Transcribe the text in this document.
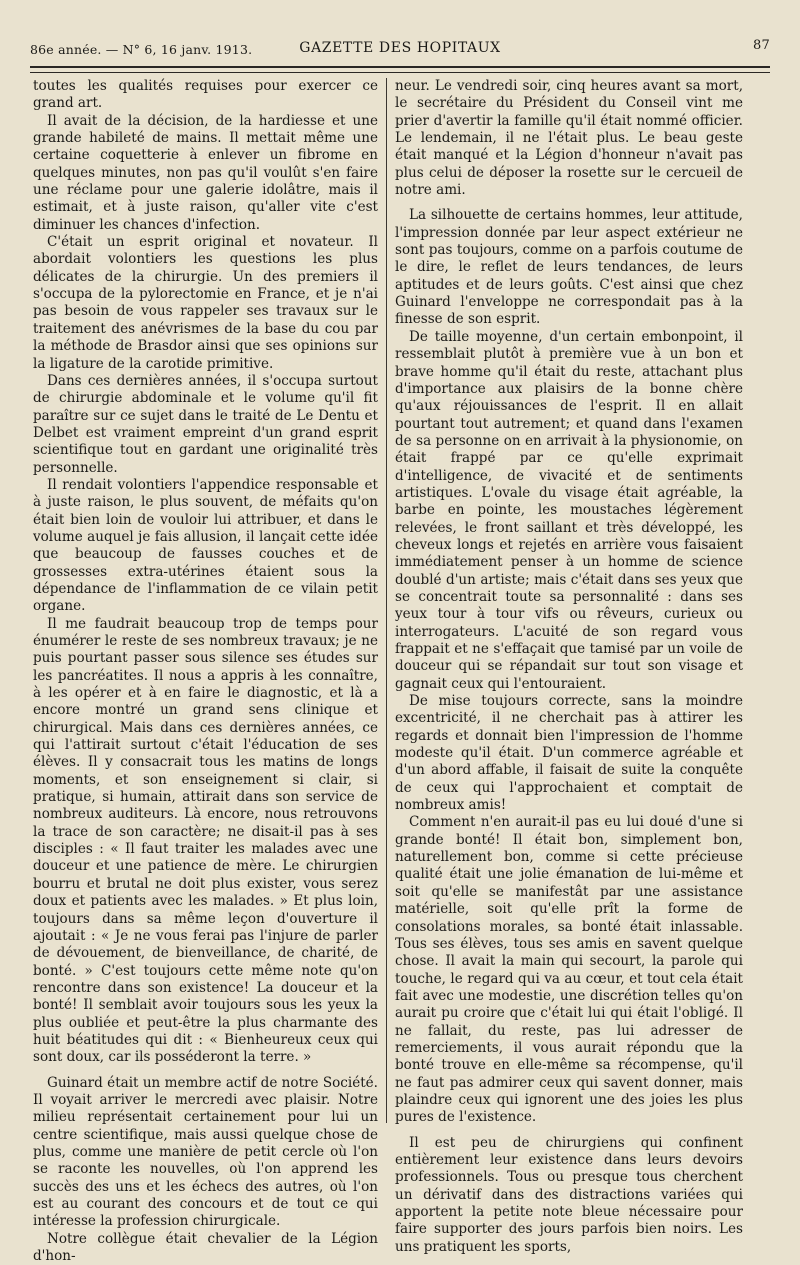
86e année. — N° 6, 16 janv. 1913.	GAZETTE DES HOPITAUX	87

toutes les qualités requises pour exercer ce grand art.

Il avait de la décision, de la hardiesse et une grande habileté de mains. Il mettait même une certaine coquetterie à enlever un fibrome en quelques minutes, non pas qu'il voulût s'en faire une réclame pour une galerie idolâtre, mais il estimait, et à juste raison, qu'aller vite c'est diminuer les chances d'infection.

C'était un esprit original et novateur. Il abordait volontiers les questions les plus délicates de la chirurgie. Un des premiers il s'occupa de la pylorectomie en France, et je n'ai pas besoin de vous rappeler ses travaux sur le traitement des anévrismes de la base du cou par la méthode de Brasdor ainsi que ses opinions sur la ligature de la carotide primitive.

Dans ces dernières années, il s'occupa surtout de chirurgie abdominale et le volume qu'il fit paraître sur ce sujet dans le traité de Le Dentu et Delbet est vraiment empreint d'un grand esprit scientifique tout en gardant une originalité très personnelle.

Il rendait volontiers l'appendice responsable et à juste raison, le plus souvent, de méfaits qu'on était bien loin de vouloir lui attribuer, et dans le volume auquel je fais allusion, il lançait cette idée que beaucoup de fausses couches et de grossesses extra-utérines étaient sous la dépendance de l'inflammation de ce vilain petit organe.

Il me faudrait beaucoup trop de temps pour énumérer le reste de ses nombreux travaux; je ne puis pourtant passer sous silence ses études sur les pancréatites. Il nous a appris à les connaître, à les opérer et à en faire le diagnostic, et là a encore montré un grand sens clinique et chirurgical. Mais dans ces dernières années, ce qui l'attirait surtout c'était l'éducation de ses élèves. Il y consacrait tous les matins de longs moments, et son enseignement si clair, si pratique, si humain, attirait dans son service de nombreux auditeurs. Là encore, nous retrouvons la trace de son caractère; ne disait-il pas à ses disciples : « Il faut traiter les malades avec une douceur et une patience de mère. Le chirurgien bourru et brutal ne doit plus exister, vous serez doux et patients avec les malades. » Et plus loin, toujours dans sa même leçon d'ouverture il ajoutait : « Je ne vous ferai pas l'injure de parler de dévouement, de bienveillance, de charité, de bonté. » C'est toujours cette même note qu'on rencontre dans son existence! La douceur et la bonté! Il semblait avoir toujours sous les yeux la plus oubliée et peut-être la plus charmante des huit béatitudes qui dit : « Bienheureux ceux qui sont doux, car ils posséderont la terre. »

Guinard était un membre actif de notre Société. Il voyait arriver le mercredi avec plaisir. Notre milieu représentait certainement pour lui un centre scientifique, mais aussi quelque chose de plus, comme une manière de petit cercle où l'on se raconte les nouvelles, où l'on apprend les succès des uns et les échecs des autres, où l'on est au courant des concours et de tout ce qui intéresse la profession chirurgicale.

Notre collègue était chevalier de la Légion d'hon-

neur. Le vendredi soir, cinq heures avant sa mort, le secrétaire du Président du Conseil vint me prier d'avertir la famille qu'il était nommé officier. Le lendemain, il ne l'était plus. Le beau geste était manqué et la Légion d'honneur n'avait pas plus celui de déposer la rosette sur le cercueil de notre ami.

La silhouette de certains hommes, leur attitude, l'impression donnée par leur aspect extérieur ne sont pas toujours, comme on a parfois coutume de le dire, le reflet de leurs tendances, de leurs aptitudes et de leurs goûts. C'est ainsi que chez Guinard l'enveloppe ne correspondait pas à la finesse de son esprit.

De taille moyenne, d'un certain embonpoint, il ressemblait plutôt à première vue à un bon et brave homme qu'il était du reste, attachant plus d'importance aux plaisirs de la bonne chère qu'aux réjouissances de l'esprit. Il en allait pourtant tout autrement; et quand dans l'examen de sa personne on en arrivait à la physionomie, on était frappé par ce qu'elle exprimait d'intelligence, de vivacité et de sentiments artistiques. L'ovale du visage était agréable, la barbe en pointe, les moustaches légèrement relevées, le front saillant et très développé, les cheveux longs et rejetés en arrière vous faisaient immédiatement penser à un homme de science doublé d'un artiste; mais c'était dans ses yeux que se concentrait toute sa personnalité : dans ses yeux tour à tour vifs ou rêveurs, curieux ou interrogateurs. L'acuité de son regard vous frappait et ne s'effaçait que tamisé par un voile de douceur qui se répandait sur tout son visage et gagnait ceux qui l'entouraient.

De mise toujours correcte, sans la moindre excentricité, il ne cherchait pas à attirer les regards et donnait bien l'impression de l'homme modeste qu'il était. D'un commerce agréable et d'un abord affable, il faisait de suite la conquête de ceux qui l'approchaient et comptait de nombreux amis!

Comment n'en aurait-il pas eu lui doué d'une si grande bonté! Il était bon, simplement bon, naturellement bon, comme si cette précieuse qualité était une jolie émanation de lui-même et soit qu'elle se manifestât par une assistance matérielle, soit qu'elle prît la forme de consolations morales, sa bonté était inlassable. Tous ses élèves, tous ses amis en savent quelque chose. Il avait la main qui secourt, la parole qui touche, le regard qui va au cœur, et tout cela était fait avec une modestie, une discrétion telles qu'on aurait pu croire que c'était lui qui était l'obligé. Il ne fallait, du reste, pas lui adresser de remerciements, il vous aurait répondu que la bonté trouve en elle-même sa récompense, qu'il ne faut pas admirer ceux qui savent donner, mais plaindre ceux qui ignorent une des joies les plus pures de l'existence.

Il est peu de chirurgiens qui confinent entièrement leur existence dans leurs devoirs professionnels. Tous ou presque tous cherchent un dérivatif dans des distractions variées qui apportent la petite note bleue nécessaire pour faire supporter des jours parfois bien noirs. Les uns pratiquent les sports,
